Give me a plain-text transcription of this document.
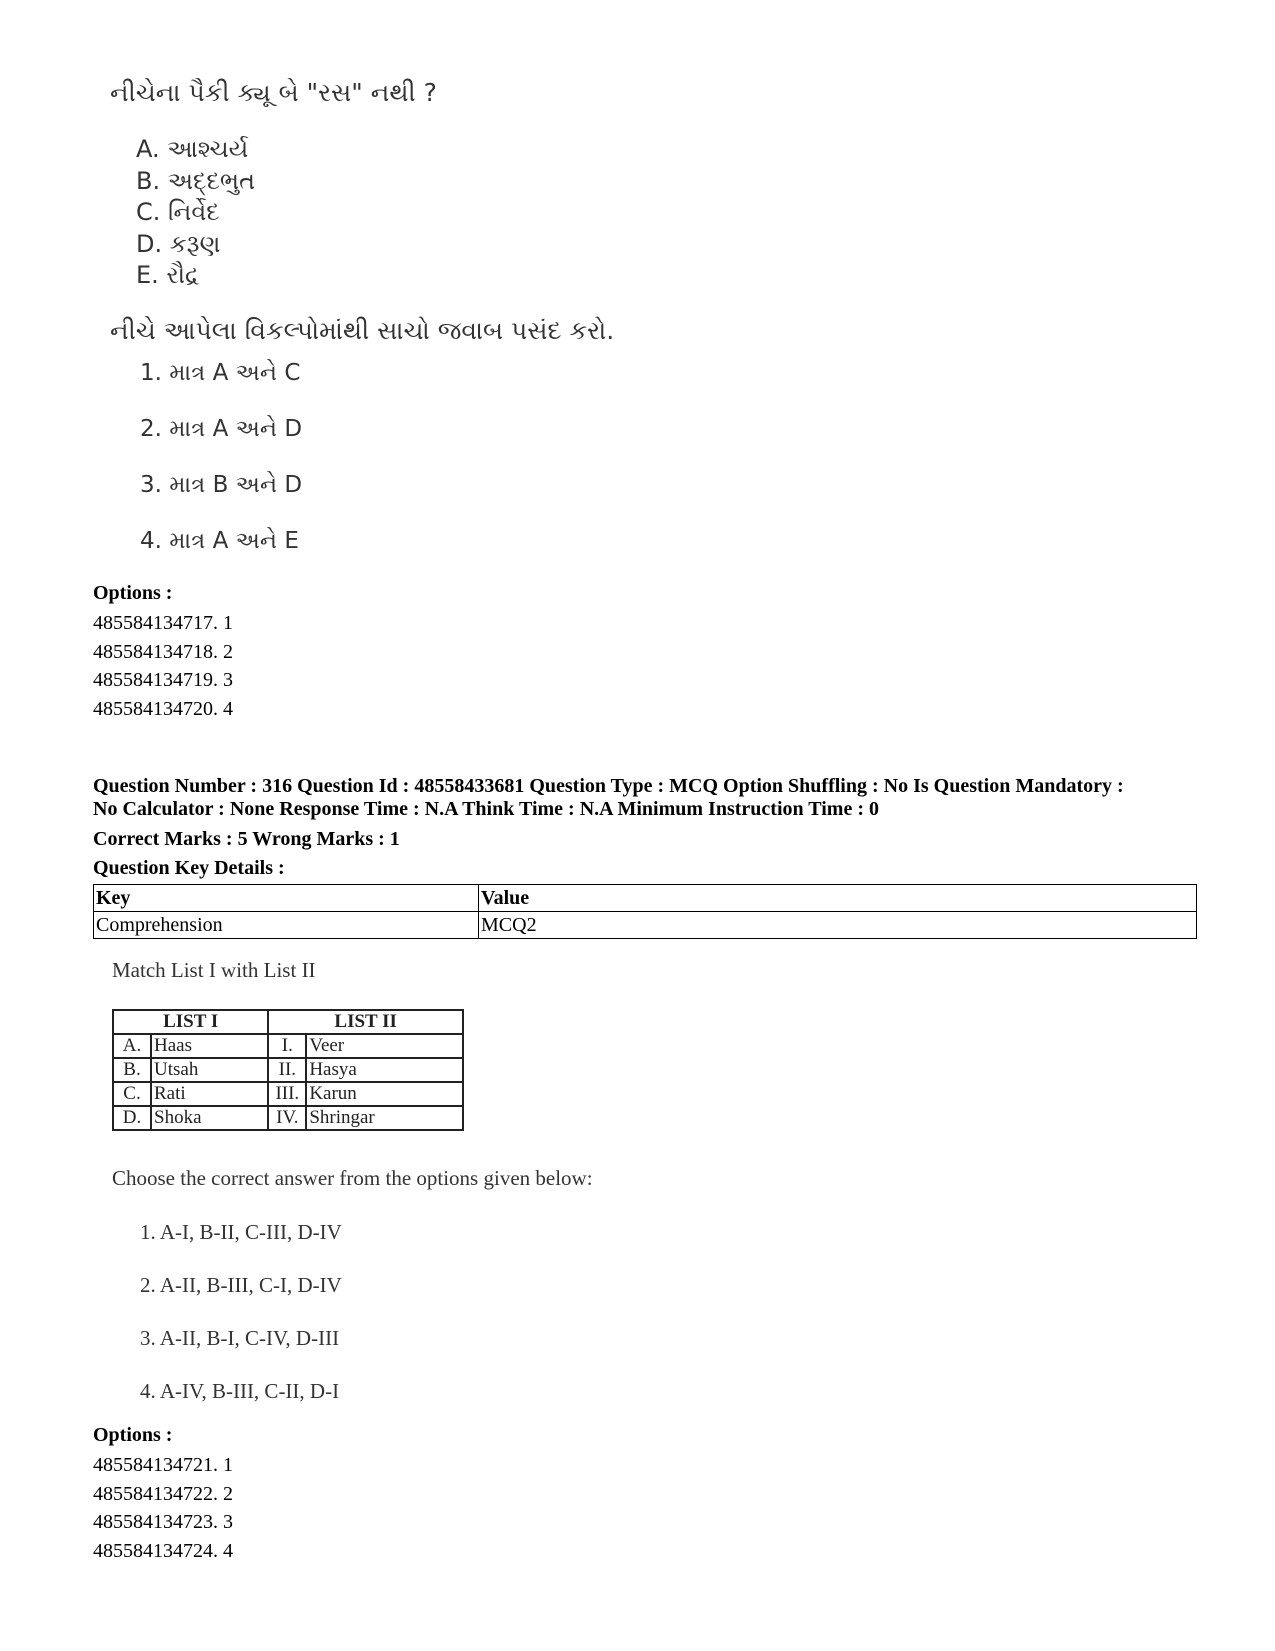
નીચેના પૈકી ક્યૂ બે "રસ" નથી ?
A. આશ્ચર્ય
B. અદ્દભુત
C. નિર્વેદ
D. કરૂણ
E. રૌદ્ર
નીચે આપેલા વિકલ્પોમાંથી સાચો જવાબ પસંદ કરો.
1. માત્ર A અને C
2. માત્ર A અને D
3. માત્ર B અને D
4. માત્ર A અને E
Options :
485584134717. 1
485584134718. 2
485584134719. 3
485584134720. 4
Question Number : 316 Question Id : 48558433681 Question Type : MCQ Option Shuffling : No Is Question Mandatory :
No Calculator : None Response Time : N.A Think Time : N.A Minimum Instruction Time : 0
Correct Marks : 5 Wrong Marks : 1
Question Key Details :
Key	Value
Comprehension	MCQ2
Match List I with List II
LIST I		LIST II	
A.	Haas	I.	Veer
B.	Utsah	II.	Hasya
C.	Rati	III.	Karun
D.	Shoka	IV.	Shringar
Choose the correct answer from the options given below:
1. A-I, B-II, C-III, D-IV
2. A-II, B-III, C-I, D-IV
3. A-II, B-I, C-IV, D-III
4. A-IV, B-III, C-II, D-I
Options :
485584134721. 1
485584134722. 2
485584134723. 3
485584134724. 4
